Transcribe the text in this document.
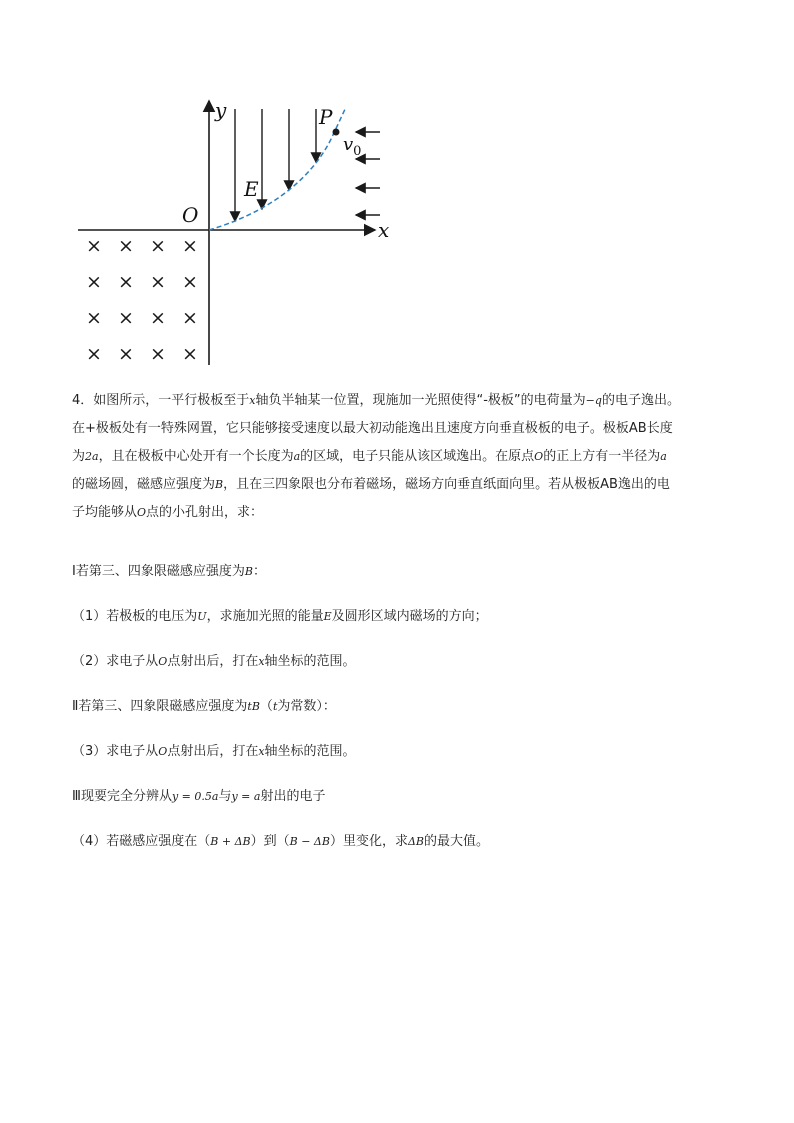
y
x
O
E
P
$v_0$
× × × ×
× × × ×
× × × ×
× × × ×

4．如图所示，一平行极板至于x轴负半轴某一位置，现施加一光照使得“-极板”的电荷量为−q的电子逸出。

在+极板处有一特殊网置，它只能够接受速度以最大初动能逸出且速度方向垂直极板的电子。极板AB长度

为2a，且在极板中心处开有一个长度为a的区域，电子只能从该区域逸出。在原点O的正上方有一半径为a

的磁场圆，磁感应强度为B，且在三四象限也分布着磁场，磁场方向垂直纸面向里。若从极板AB逸出的电

子均能够从O点的小孔射出，求：

Ⅰ若第三、四象限磁感应强度为B：
（1）若极板的电压为U，求施加光照的能量E及圆形区域内磁场的方向；
（2）求电子从O点射出后，打在x轴坐标的范围。
Ⅱ若第三、四象限磁感应强度为tB（t为常数）：
（3）求电子从O点射出后，打在x轴坐标的范围。
Ⅲ现要完全分辨从y = 0.5a与y = a射出的电子
（4）若磁感应强度在（B + ΔB）到（B − ΔB）里变化，求ΔB的最大值。
